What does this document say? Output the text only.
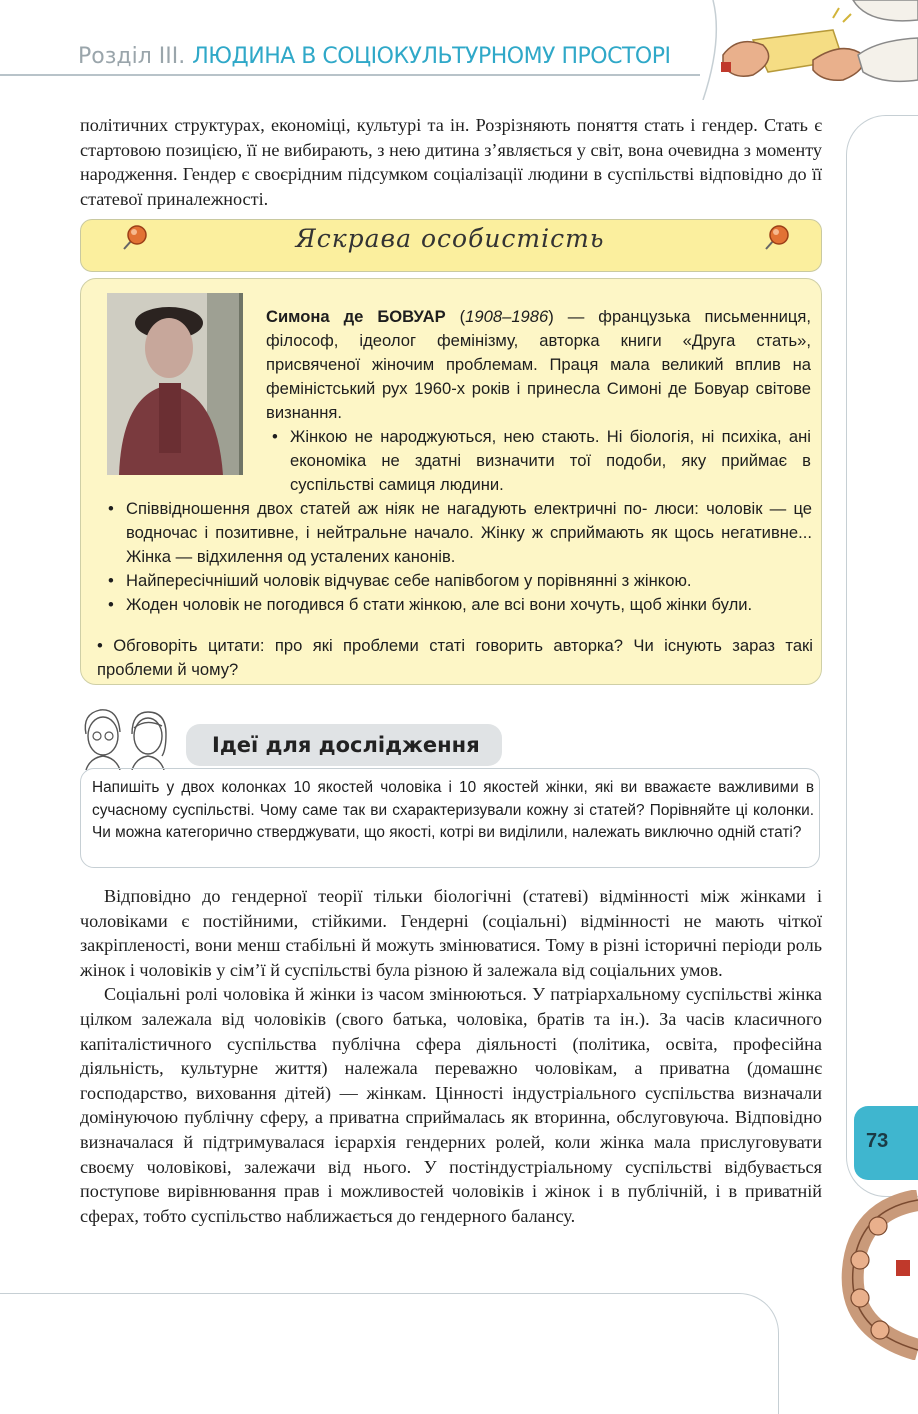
Розділ ІІІ. ЛЮДИНА В СОЦІОКУЛЬТУРНОМУ ПРОСТОРІ

політичних структурах, економіці, культурі та ін. Розрізняють поняття стать і гендер. Стать є стартовою позицією, її не вибирають, з нею дитина з’являється у світ, вона очевидна з моменту народження. Гендер є своєрідним підсумком соціалізації людини в суспільстві відповідно до її статевої приналежності.

Яскрава особистість

Симона де БОВУАР (1908–1986) — французька письменниця, філософ, ідеолог фемінізму, авторка книги «Друга стать», присвяченої жіночим проблемам. Праця мала великий вплив на феміністський рух 1960-х років і принесла Симоні де Бовуар світове визнання.

• Жінкою не народжуються, нею стають. Ні біологія, ні психіка, ані економіка не здатні визначити тої подоби, яку приймає в суспільстві самиця людини.

• Співвідношення двох статей аж ніяк не нагадують електричні по- люси: чоловік — це водночас і позитивне, і нейтральне начало. Жінку ж сприймають як щось негативне... Жінка — відхилення од усталених канонів.

• Найпересічніший чоловік відчуває себе напівбогом у порівнянні з жінкою.

• Жоден чоловік не погодився б стати жінкою, але всі вони хочуть, щоб жінки були.

• Обговоріть цитати: про які проблеми статі говорить авторка? Чи існують зараз такі проблеми й чому?

Ідеї для дослідження
Напишіть у двох колонках 10 якостей чоловіка і 10 якостей жінки, які ви вважаєте важливими в сучасному суспільстві. Чому саме так ви схарактеризували кожну зі статей? Порівняйте ці колонки. Чи можна категорично стверджувати, що якості, котрі ви виділили, належать виключно одній статі?

Відповідно до гендерної теорії тільки біологічні (статеві) відмінності між жінками і чоловіками є постійними, стійкими. Гендерні (соціальні) відмінності не мають чіткої закріпленості, вони менш стабільні й можуть змінюватися. Тому в різні історичні періоди роль жінок і чоловіків у сім’ї й суспільстві була різною й залежала від соціальних умов.

Соціальні ролі чоловіка й жінки із часом змінюються. У патріархальному суспільстві жінка цілком залежала від чоловіків (свого батька, чоловіка, братів та ін.). За часів класичного капіталістичного суспільства публічна сфера діяльності (політика, освіта, професійна діяльність, культурне життя) належала переважно чоловікам, а приватна (домашнє господарство, виховання дітей) — жінкам. Цінності індустріального суспільства визначали домінуючою публічну сферу, а приватна сприймалась як вторинна, обслуговуюча. Відповідно визначалася й підтримувалася ієрархія гендерних ролей, коли жінка мала прислуговувати своєму чоловікові, залежачи від нього. У постіндустріальному суспільстві відбувається поступове вирівнювання прав і можливостей чоловіків і жінок і в публічній, і в приватній сферах, тобто суспільство наближається до гендерного балансу.

73
